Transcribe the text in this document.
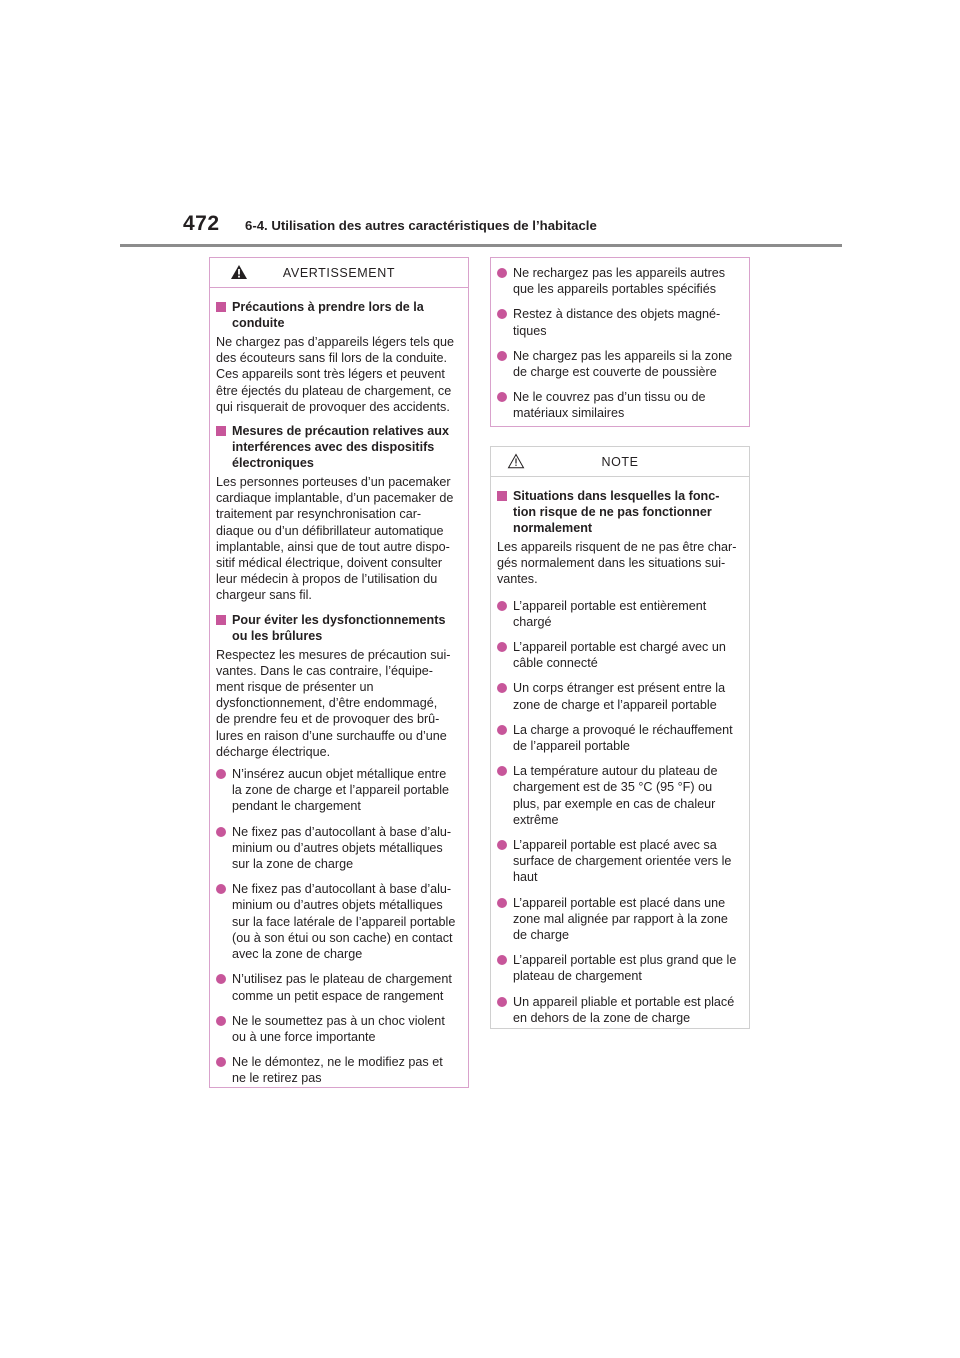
472 6-4. Utilisation des autres caractéristiques de l’habitacle
AVERTISSEMENT
Précautions à prendre lors de la
conduite
Ne chargez pas d’appareils légers tels que
des écouteurs sans fil lors de la conduite.
Ces appareils sont très légers et peuvent
être éjectés du plateau de chargement, ce
qui risquerait de provoquer des accidents.
Mesures de précaution relatives aux
interférences avec des dispositifs
électroniques
Les personnes porteuses d’un pacemaker
cardiaque implantable, d’un pacemaker de
traitement par resynchronisation car-
diaque ou d’un défibrillateur automatique
implantable, ainsi que de tout autre dispo-
sitif médical électrique, doivent consulter
leur médecin à propos de l’utilisation du
chargeur sans fil.
Pour éviter les dysfonctionnements
ou les brûlures
Respectez les mesures de précaution sui-
vantes. Dans le cas contraire, l’équipe-
ment risque de présenter un
dysfonctionnement, d’être endommagé,
de prendre feu et de provoquer des brû-
lures en raison d’une surchauffe ou d’une
décharge électrique.
N’insérez aucun objet métallique entre
la zone de charge et l’appareil portable
pendant le chargement
Ne fixez pas d’autocollant à base d’alu-
minium ou d’autres objets métalliques
sur la zone de charge
Ne fixez pas d’autocollant à base d’alu-
minium ou d’autres objets métalliques
sur la face latérale de l’appareil portable
(ou à son étui ou son cache) en contact
avec la zone de charge
N’utilisez pas le plateau de chargement
comme un petit espace de rangement
Ne le soumettez pas à un choc violent
ou à une force importante
Ne le démontez, ne le modifiez pas et
ne le retirez pas
Ne rechargez pas les appareils autres
que les appareils portables spécifiés
Restez à distance des objets magné-
tiques
Ne chargez pas les appareils si la zone
de charge est couverte de poussière
Ne le couvrez pas d’un tissu ou de
matériaux similaires
NOTE
Situations dans lesquelles la fonc-
tion risque de ne pas fonctionner
normalement
Les appareils risquent de ne pas être char-
gés normalement dans les situations sui-
vantes.
L’appareil portable est entièrement
chargé
L’appareil portable est chargé avec un
câble connecté
Un corps étranger est présent entre la
zone de charge et l’appareil portable
La charge a provoqué le réchauffement
de l’appareil portable
La température autour du plateau de
chargement est de 35 °C (95 °F) ou
plus, par exemple en cas de chaleur
extrême
L’appareil portable est placé avec sa
surface de chargement orientée vers le
haut
L’appareil portable est placé dans une
zone mal alignée par rapport à la zone
de charge
L’appareil portable est plus grand que le
plateau de chargement
Un appareil pliable et portable est placé
en dehors de la zone de charge
